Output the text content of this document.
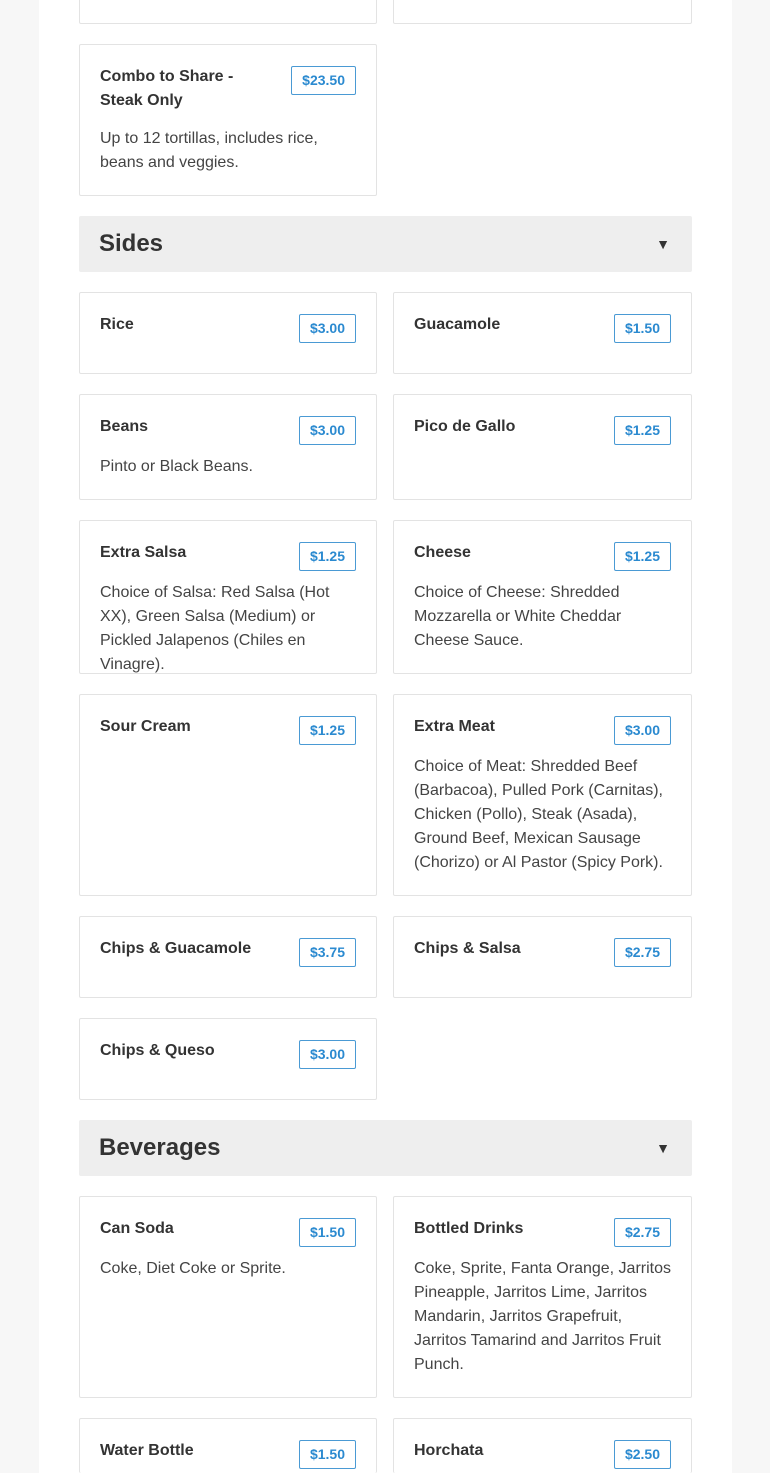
Combo to Share - Steak Only
$23.50
Up to 12 tortillas, includes rice, beans and veggies.
Sides	▼
Rice	$3.00	Guacamole	$1.50
Beans	$3.00
Pinto or Black Beans.
Pico de Gallo	$1.25
Extra Salsa	$1.25
Choice of Salsa: Red Salsa (Hot XX), Green Salsa (Medium) or Pickled Jalapenos (Chiles en Vinagre).
Cheese	$1.25
Choice of Cheese: Shredded Mozzarella or White Cheddar Cheese Sauce.
Sour Cream	$1.25	Extra Meat	$3.00
Choice of Meat: Shredded Beef (Barbacoa), Pulled Pork (Carnitas), Chicken (Pollo), Steak (Asada), Ground Beef, Mexican Sausage (Chorizo) or Al Pastor (Spicy Pork).
Chips & Guacamole	$3.75	Chips & Salsa	$2.75
Chips & Queso	$3.00
Beverages	▼
Can Soda	$1.50
Coke, Diet Coke or Sprite.
Bottled Drinks	$2.75
Coke, Sprite, Fanta Orange, Jarritos Pineapple, Jarritos Lime, Jarritos Mandarin, Jarritos Grapefruit, Jarritos Tamarind and Jarritos Fruit Punch.
Water Bottle	$1.50	Horchata	$2.50
